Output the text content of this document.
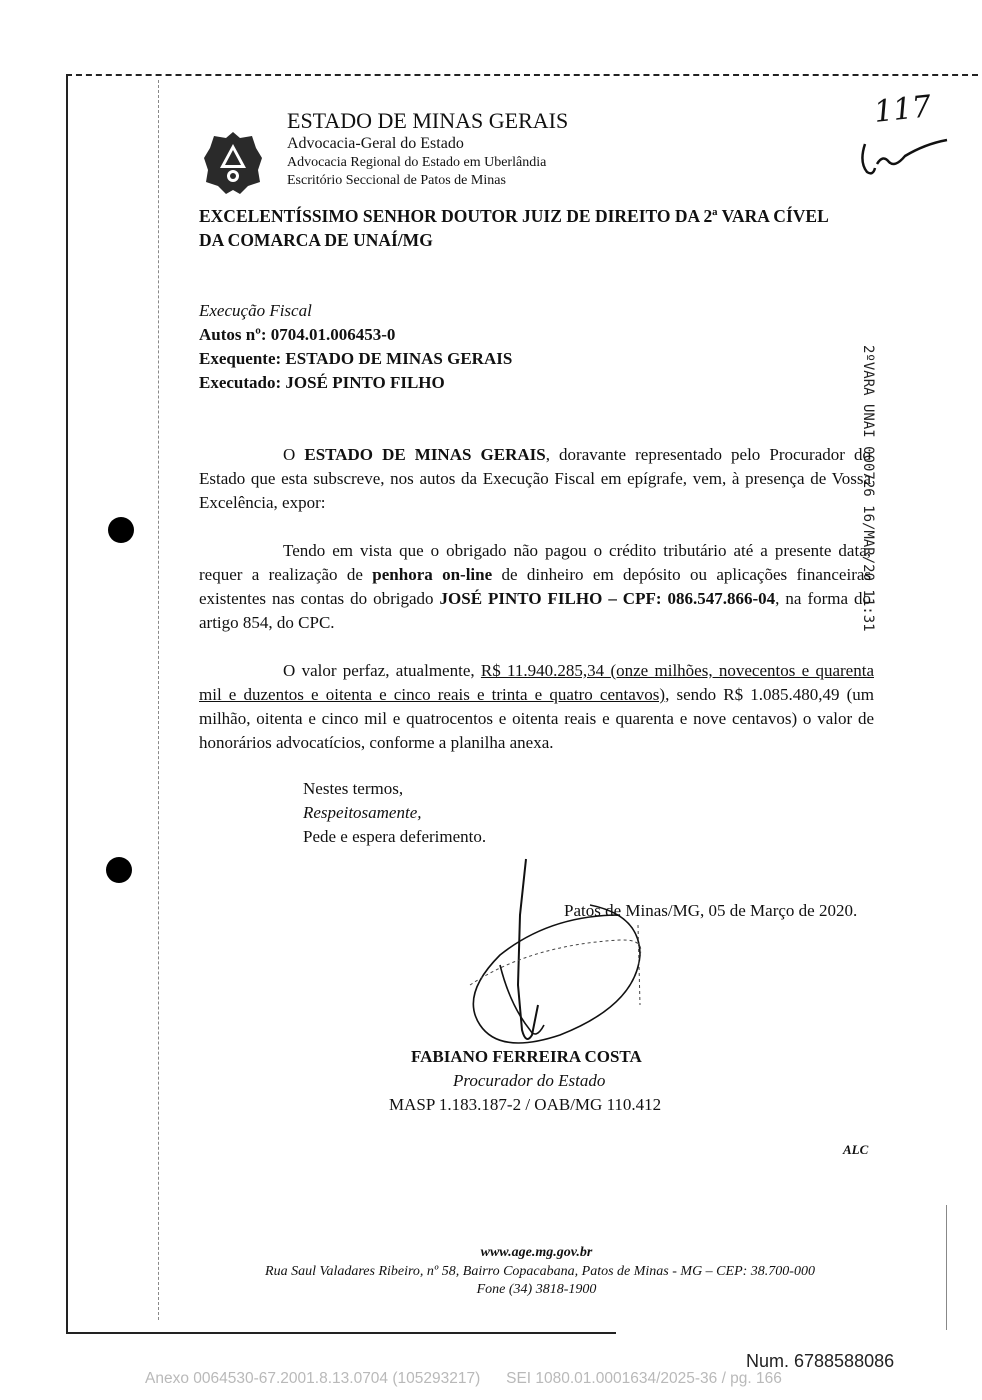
ESTADO DE MINAS GERAIS
Advocacia-Geral do Estado
Advocacia Regional do Estado em Uberlândia
Escritório Seccional de Patos de Minas
117
EXCELENTÍSSIMO SENHOR DOUTOR JUIZ DE DIREITO DA 2ª VARA CÍVEL
DA COMARCA DE UNAÍ/MG
Execução Fiscal
Autos nº: 0704.01.006453-0
Exequente: ESTADO DE MINAS GERAIS
Executado: JOSÉ PINTO FILHO	2ºVARA UNAI 000726 16/MAR/20 11:31
O ESTADO DE MINAS GERAIS, doravante representado pelo Procurador do Estado que esta subscreve, nos autos da Execução Fiscal em epígrafe, vem, à presença de Vossa Excelência, expor:
Tendo em vista que o obrigado não pagou o crédito tributário até a presente data, requer a realização de penhora on-line de dinheiro em depósito ou aplicações financeiras existentes nas contas do obrigado JOSÉ PINTO FILHO – CPF: 086.547.866-04, na forma do artigo 854, do CPC.
O valor perfaz, atualmente, R$ 11.940.285,34 (onze milhões, novecentos e quarenta mil e duzentos e oitenta e cinco reais e trinta e quatro centavos), sendo R$ 1.085.480,49 (um milhão, oitenta e cinco mil e quatrocentos e oitenta reais e quarenta e nove centavos) o valor de honorários advocatícios, conforme a planilha anexa.
Nestes termos,
Respeitosamente,
Pede e espera deferimento.
Patos de Minas/MG, 05 de Março de 2020.
FABIANO FERREIRA COSTA
Procurador do Estado
MASP 1.183.187-2 / OAB/MG 110.412
ALC
www.age.mg.gov.br
Rua Saul Valadares Ribeiro, nº 58, Bairro Copacabana, Patos de Minas - MG – CEP: 38.700-000
Fone (34) 3818-1900
Num. 6788588086
Anexo 0064530-67.2001.8.13.0704 (105293217)      SEI 1080.01.0001634/2025-36 / pg. 166
